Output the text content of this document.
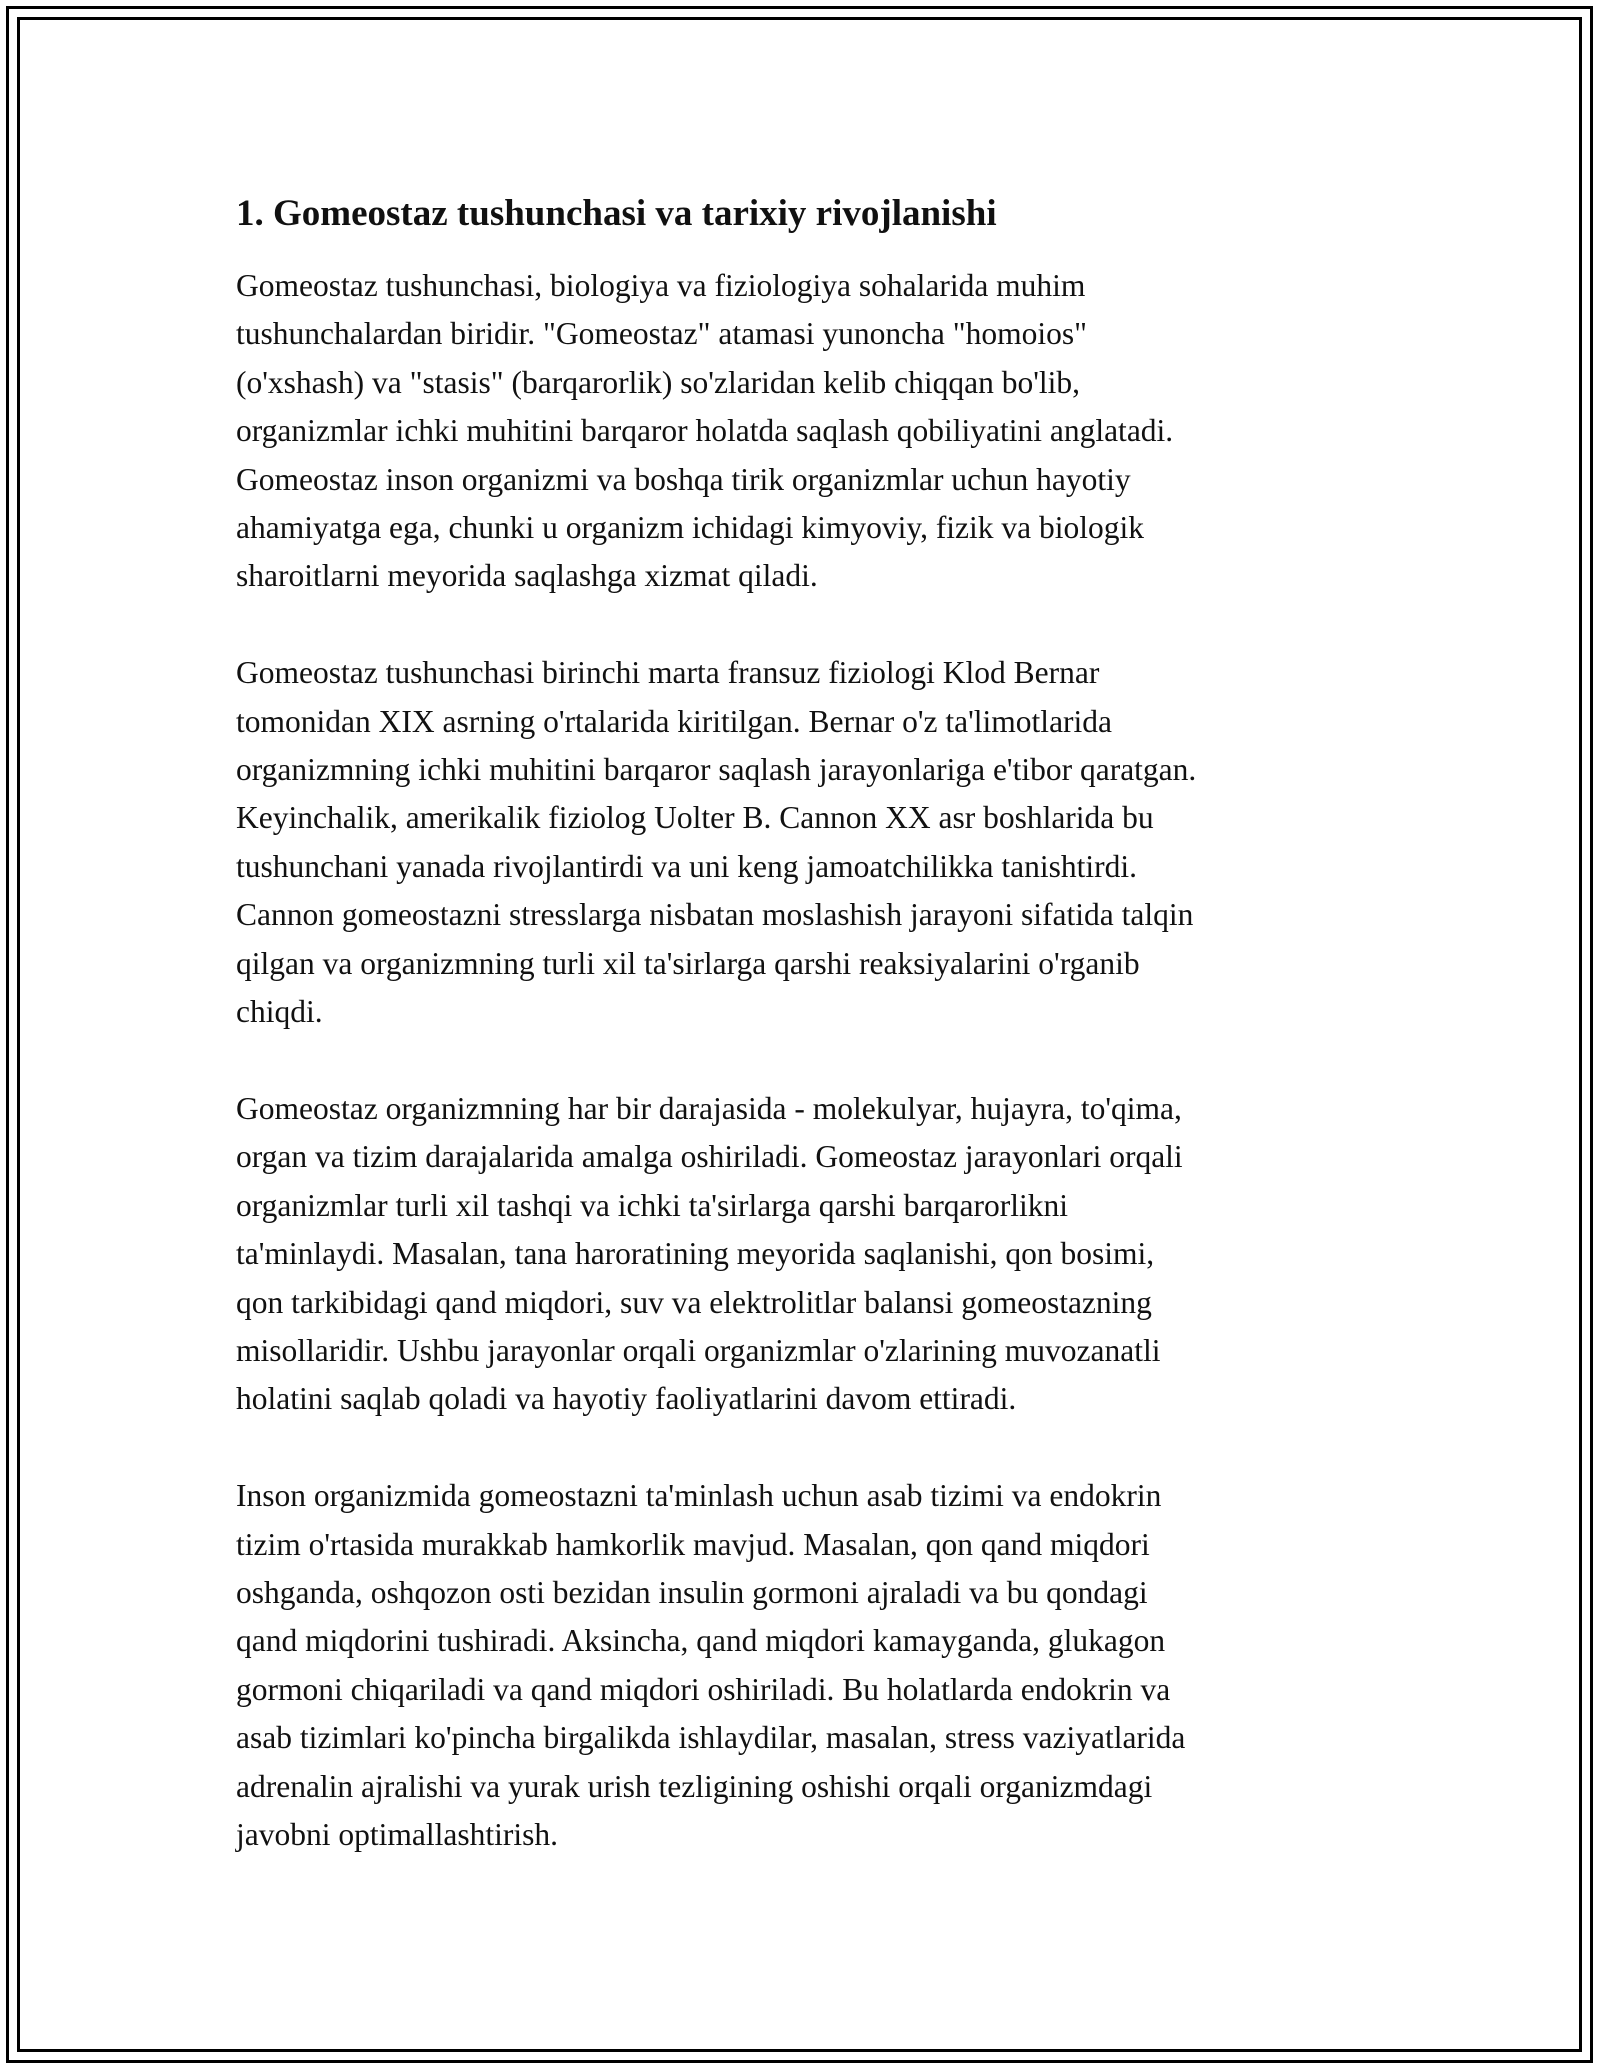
1. Gomeostaz tushunchasi va tarixiy rivojlanishi

Gomeostaz tushunchasi, biologiya va fiziologiya sohalarida muhim
tushunchalardan biridir. "Gomeostaz" atamasi yunoncha "homoios"
(o'xshash) va "stasis" (barqarorlik) so'zlaridan kelib chiqqan bo'lib,
organizmlar ichki muhitini barqaror holatda saqlash qobiliyatini anglatadi.
Gomeostaz inson organizmi va boshqa tirik organizmlar uchun hayotiy
ahamiyatga ega, chunki u organizm ichidagi kimyoviy, fizik va biologik
sharoitlarni meyorida saqlashga xizmat qiladi.

Gomeostaz tushunchasi birinchi marta fransuz fiziologi Klod Bernar
tomonidan XIX asrning o'rtalarida kiritilgan. Bernar o'z ta'limotlarida
organizmning ichki muhitini barqaror saqlash jarayonlariga e'tibor qaratgan.
Keyinchalik, amerikalik fiziolog Uolter B. Cannon XX asr boshlarida bu
tushunchani yanada rivojlantirdi va uni keng jamoatchilikka tanishtirdi.
Cannon gomeostazni stresslarga nisbatan moslashish jarayoni sifatida talqin
qilgan va organizmning turli xil ta'sirlarga qarshi reaksiyalarini o'rganib
chiqdi.

Gomeostaz organizmning har bir darajasida - molekulyar, hujayra, to'qima,
organ va tizim darajalarida amalga oshiriladi. Gomeostaz jarayonlari orqali
organizmlar turli xil tashqi va ichki ta'sirlarga qarshi barqarorlikni
ta'minlaydi. Masalan, tana haroratining meyorida saqlanishi, qon bosimi,
qon tarkibidagi qand miqdori, suv va elektrolitlar balansi gomeostazning
misollaridir. Ushbu jarayonlar orqali organizmlar o'zlarining muvozanatli
holatini saqlab qoladi va hayotiy faoliyatlarini davom ettiradi.

Inson organizmida gomeostazni ta'minlash uchun asab tizimi va endokrin
tizim o'rtasida murakkab hamkorlik mavjud. Masalan, qon qand miqdori
oshganda, oshqozon osti bezidan insulin gormoni ajraladi va bu qondagi
qand miqdorini tushiradi. Aksincha, qand miqdori kamayganda, glukagon
gormoni chiqariladi va qand miqdori oshiriladi. Bu holatlarda endokrin va
asab tizimlari ko'pincha birgalikda ishlaydilar, masalan, stress vaziyatlarida
adrenalin ajralishi va yurak urish tezligining oshishi orqali organizmdagi
javobni optimallashtirish.
